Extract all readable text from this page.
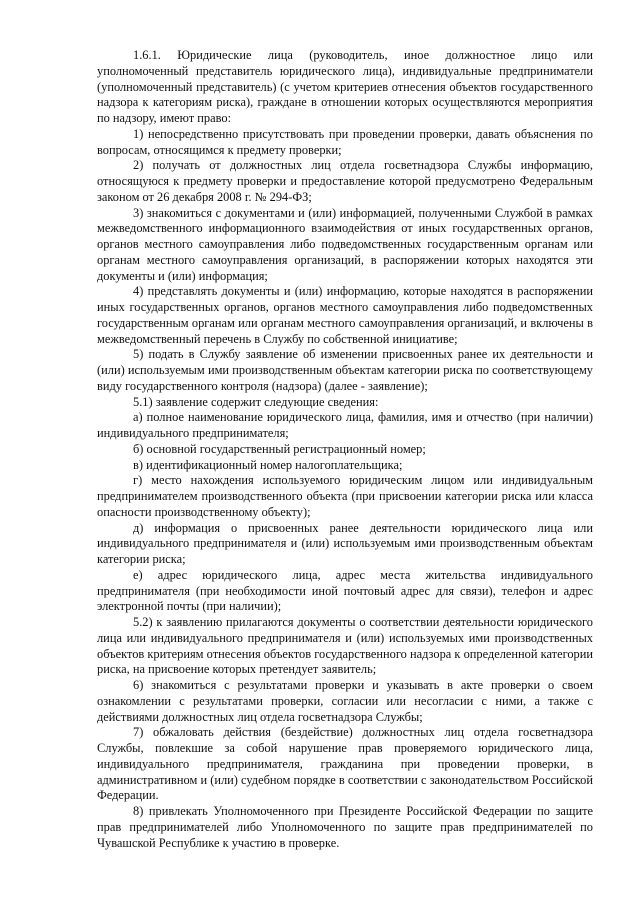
1.6.1. Юридические лица (руководитель, иное должностное лицо или уполномоченный представитель юридического лица), индивидуальные предприниматели (уполномоченный представитель) (с учетом критериев отнесения объектов государственного надзора к категориям риска), граждане в отношении которых осуществляются мероприятия по надзору, имеют право:

1) непосредственно присутствовать при проведении проверки, давать объяснения по вопросам, относящимся к предмету проверки;

2) получать от должностных лиц отдела госветнадзора Службы информацию, относящуюся к предмету проверки и предоставление которой предусмотрено Федеральным законом от 26 декабря 2008 г. № 294-ФЗ;

3) знакомиться с документами и (или) информацией, полученными Службой в рамках межведомственного информационного взаимодействия от иных государственных органов, органов местного самоуправления либо подведомственных государственным органам или органам местного самоуправления организаций, в распоряжении которых находятся эти документы и (или) информация;

4) представлять документы и (или) информацию, которые находятся в распоряжении иных государственных органов, органов местного самоуправления либо подведомственных государственным органам или органам местного самоуправления организаций, и включены в межведомственный перечень в Службу по собственной инициативе;

5) подать в Службу заявление об изменении присвоенных ранее их деятельности и (или) используемым ими производственным объектам категории риска по соответствующему виду государственного контроля (надзора) (далее - заявление);

5.1) заявление содержит следующие сведения:

а) полное наименование юридического лица, фамилия, имя и отчество (при наличии) индивидуального предпринимателя;

б) основной государственный регистрационный номер;

в) идентификационный номер налогоплательщика;

г) место нахождения используемого юридическим лицом или индивидуальным предпринимателем производственного объекта (при присвоении категории риска или класса опасности производственному объекту);

д) информация о присвоенных ранее деятельности юридического лица или индивидуального предпринимателя и (или) используемым ими производственным объектам категории риска;

е) адрес юридического лица, адрес места жительства индивидуального предпринимателя (при необходимости иной почтовый адрес для связи), телефон и адрес электронной почты (при наличии);

5.2) к заявлению прилагаются документы о соответствии деятельности юридического лица или индивидуального предпринимателя и (или) используемых ими производственных объектов критериям отнесения объектов государственного надзора к определенной категории риска, на присвоение которых претендует заявитель;

6) знакомиться с результатами проверки и указывать в акте проверки о своем ознакомлении с результатами проверки, согласии или несогласии с ними, а также с действиями должностных лиц отдела госветнадзора Службы;

7) обжаловать действия (бездействие) должностных лиц отдела госветнадзора Службы, повлекшие за собой нарушение прав проверяемого юридического лица, индивидуального предпринимателя, гражданина при проведении проверки, в административном и (или) судебном порядке в соответствии с законодательством Российской Федерации.

8) привлекать Уполномоченного при Президенте Российской Федерации по защите прав предпринимателей либо Уполномоченного по защите прав предпринимателей по Чувашской Республике к участию в проверке.
